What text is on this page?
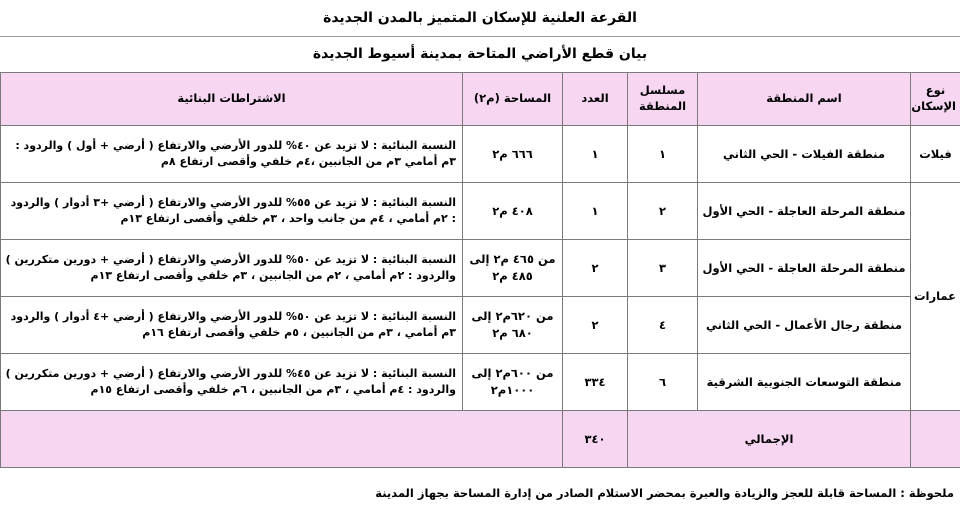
القرعة العلنية للإسكان المتميز بالمدن الجديدة
بيان قطع الأراضي المتاحة بمدينة أسيوط الجديدة
نوع الإسكان	اسم المنطقة	مسلسل المنطقة	العدد	المساحة (م٢)	الاشتراطات البنائية
فيلات	منطقة الفيلات - الحي الثاني	١	١	٦٦٦ م٢	النسبة البنائية : لا تزيد عن ٤٠% للدور الأرضي والارتفاع ( أرضي + أول ) والردود : ٣م أمامي ٣م من الجانبين ،٤م خلفي وأقصى ارتفاع ٨م
عمارات	منطقة المرحلة العاجلة - الحي الأول	٢	١	٤٠٨ م٢	النسبة البنائية : لا تزيد عن ٥٥% للدور الأرضي والارتفاع ( أرضي +٣ أدوار ) والردود : ٢م أمامي ، ٤م من جانب واحد ، ٣م خلفي وأقصى ارتفاع ١٣م
	منطقة المرحلة العاجلة - الحي الأول	٣	٢	من ٤٦٥ م٢ إلى ٤٨٥ م٢	النسبة البنائية : لا تزيد عن ٥٠% للدور الأرضي والارتفاع ( أرضي + دورين متكررين ) والردود : ٢م أمامي ، ٢م من الجانبين ، ٣م خلفي وأقصى ارتفاع ١٣م
	منطقة رجال الأعمال - الحي الثاني	٤	٢	من ٦٢٠م٢ إلى ٦٨٠ م٢	النسبة البنائية : لا تزيد عن ٥٠% للدور الأرضي والارتفاع ( أرضي +٤ أدوار ) والردود ٣م أمامي ، ٣م من الجانبين ، ٥م خلفي وأقصى ارتفاع ١٦م
	منطقة التوسعات الجنوبية الشرقية	٦	٣٣٤	من ٦٠٠م٢ إلى ١٠٠٠م٢	النسبة البنائية : لا تزيد عن ٤٥% للدور الأرضي والارتفاع ( أرضي + دورين متكررين ) والردود : ٤م أمامي ، ٣م من الجانبين ، ٦م خلفي وأقصى ارتفاع ١٥م
	الإجمالي		٣٤٠		
ملحوظة : المساحة قابلة للعجز والزيادة والعبرة بمحضر الاستلام الصادر من إدارة المساحة بجهاز المدينة
